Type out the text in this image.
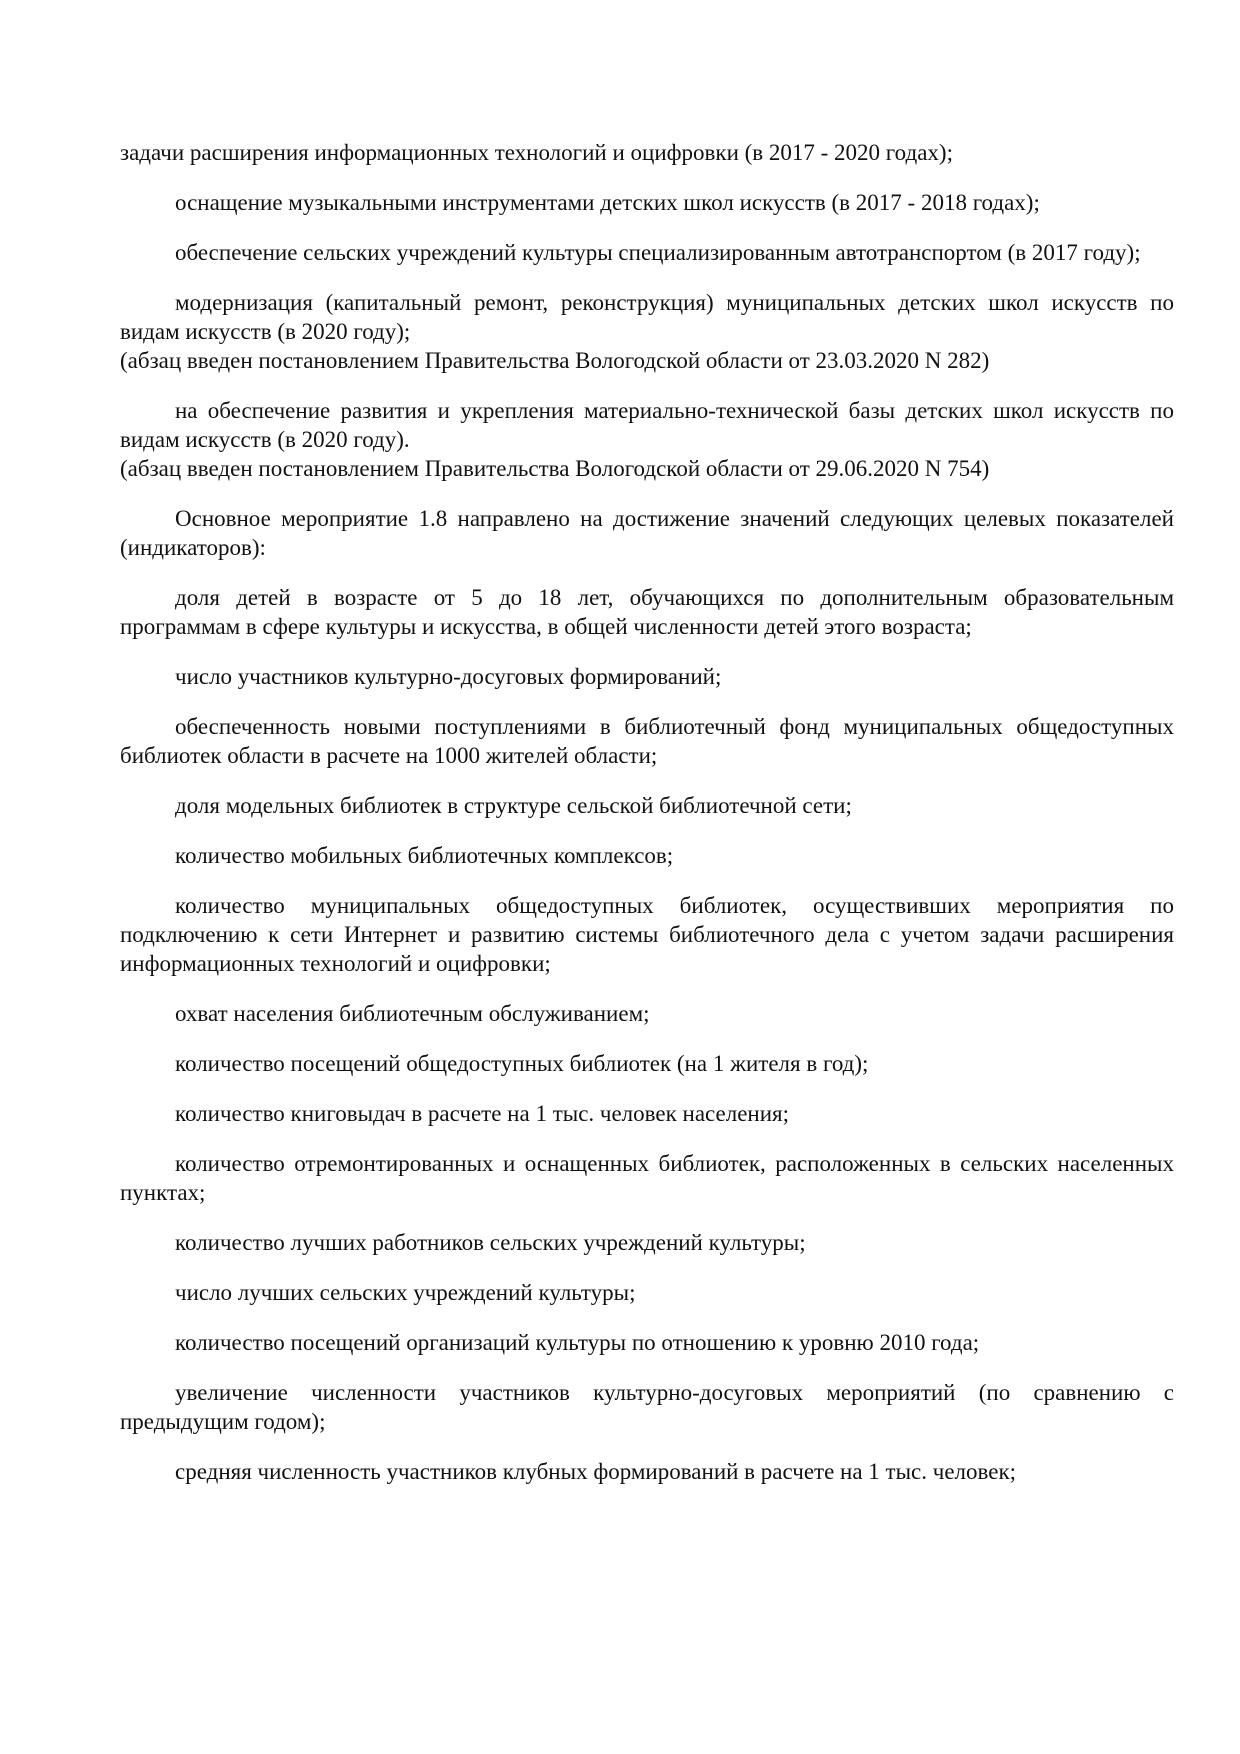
задачи расширения информационных технологий и оцифровки (в 2017 - 2020 годах);

оснащение музыкальными инструментами детских школ искусств (в 2017 - 2018 годах);

обеспечение сельских учреждений культуры специализированным автотранспортом (в 2017 году);

модернизация (капитальный ремонт, реконструкция) муниципальных детских школ искусств по видам искусств (в 2020 году);
(абзац введен постановлением Правительства Вологодской области от 23.03.2020 N 282)

на обеспечение развития и укрепления материально-технической базы детских школ искусств по видам искусств (в 2020 году).
(абзац введен постановлением Правительства Вологодской области от 29.06.2020 N 754)

Основное мероприятие 1.8 направлено на достижение значений следующих целевых показателей (индикаторов):

доля детей в возрасте от 5 до 18 лет, обучающихся по дополнительным образовательным программам в сфере культуры и искусства, в общей численности детей этого возраста;

число участников культурно-досуговых формирований;

обеспеченность новыми поступлениями в библиотечный фонд муниципальных общедоступных библиотек области в расчете на 1000 жителей области;

доля модельных библиотек в структуре сельской библиотечной сети;

количество мобильных библиотечных комплексов;

количество муниципальных общедоступных библиотек, осуществивших мероприятия по подключению к сети Интернет и развитию системы библиотечного дела с учетом задачи расширения информационных технологий и оцифровки;

охват населения библиотечным обслуживанием;

количество посещений общедоступных библиотек (на 1 жителя в год);

количество книговыдач в расчете на 1 тыс. человек населения;

количество отремонтированных и оснащенных библиотек, расположенных в сельских населенных пунктах;

количество лучших работников сельских учреждений культуры;

число лучших сельских учреждений культуры;

количество посещений организаций культуры по отношению к уровню 2010 года;

увеличение численности участников культурно-досуговых мероприятий (по сравнению с предыдущим годом);

средняя численность участников клубных формирований в расчете на 1 тыс. человек;
